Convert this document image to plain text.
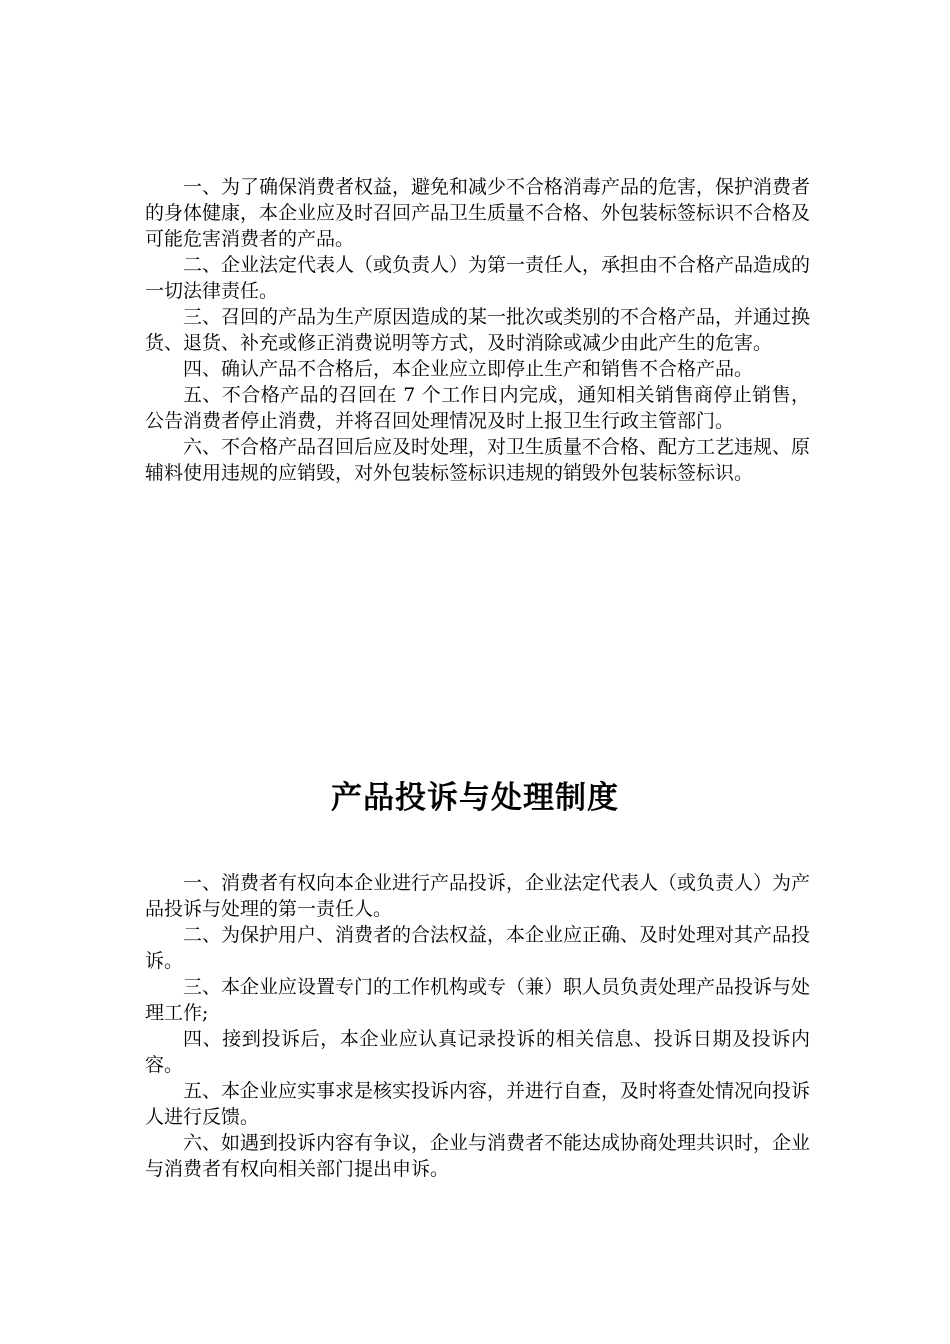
一、为了确保消费者权益，避免和减少不合格消毒产品的危害，保护消费者的身体健康，本企业应及时召回产品卫生质量不合格、外包装标签标识不合格及可能危害消费者的产品。

二、企业法定代表人（或负责人）为第一责任人，承担由不合格产品造成的一切法律责任。

三、召回的产品为生产原因造成的某一批次或类别的不合格产品，并通过换货、退货、补充或修正消费说明等方式，及时消除或减少由此产生的危害。

四、确认产品不合格后，本企业应立即停止生产和销售不合格产品。

五、不合格产品的召回在 7 个工作日内完成，通知相关销售商停止销售，公告消费者停止消费，并将召回处理情况及时上报卫生行政主管部门。

六、不合格产品召回后应及时处理，对卫生质量不合格、配方工艺违规、原辅料使用违规的应销毁，对外包装标签标识违规的销毁外包装标签标识。

产品投诉与处理制度

一、消费者有权向本企业进行产品投诉，企业法定代表人（或负责人）为产品投诉与处理的第一责任人。

二、为保护用户、消费者的合法权益，本企业应正确、及时处理对其产品投诉。

三、本企业应设置专门的工作机构或专（兼）职人员负责处理产品投诉与处理工作;

四、接到投诉后，本企业应认真记录投诉的相关信息、投诉日期及投诉内容。

五、本企业应实事求是核实投诉内容，并进行自查，及时将查处情况向投诉人进行反馈。

六、如遇到投诉内容有争议，企业与消费者不能达成协商处理共识时，企业与消费者有权向相关部门提出申诉。
